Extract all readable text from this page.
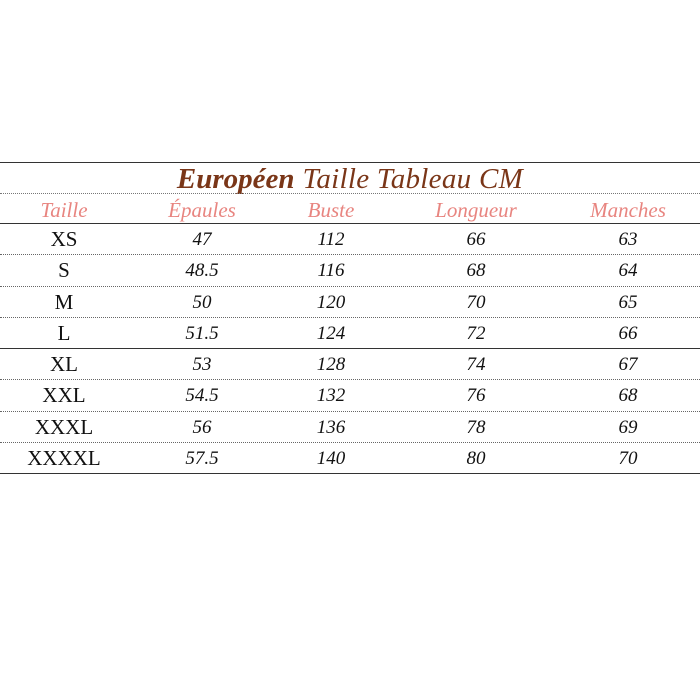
Européen Taille Tableau CM
Taille	Épaules	Buste	Longueur	Manches
XS	47	112	66	63
S	48.5	116	68	64
M	50	120	70	65
L	51.5	124	72	66
XL	53	128	74	67
XXL	54.5	132	76	68
XXXL	56	136	78	69
XXXXL	57.5	140	80	70
